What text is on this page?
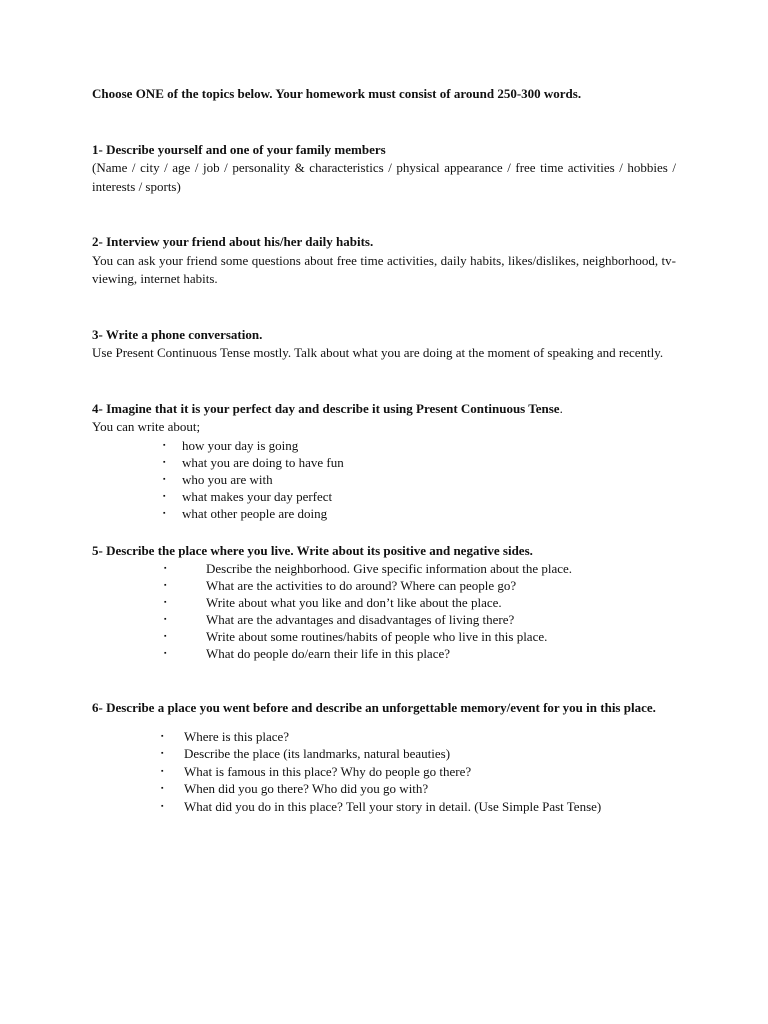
Choose ONE of the topics below. Your homework must consist of around 250-300 words.

1- Describe yourself and one of your family members

(Name / city / age / job / personality & characteristics / physical appearance / free time activities / hobbies / interests / sports)

2- Interview your friend about his/her daily habits.

You can ask your friend some questions about free time activities, daily habits, likes/dislikes, neighborhood, tv-viewing, internet habits.

3- Write a phone conversation.

Use Present Continuous Tense mostly. Talk about what you are doing at the moment of speaking and recently.

4- Imagine that it is your perfect day and describe it using Present Continuous Tense.

You can write about;

▪ how your day is going
▪ what you are doing to have fun
▪ who you are with
▪ what makes your day perfect
▪ what other people are doing

5- Describe the place where you live. Write about its positive and negative sides.

▪	Describe the neighborhood. Give specific information about the place.
▪	What are the activities to do around? Where can people go?
▪	Write about what you like and don’t like about the place.
▪	What are the advantages and disadvantages of living there?
▪	Write about some routines/habits of people who live in this place.
▪	What do people do/earn their life in this place?

6- Describe a place you went before and describe an unforgettable memory/event for you in this place.

▪ Where is this place?
▪ Describe the place (its landmarks, natural beauties)
▪ What is famous in this place? Why do people go there?
▪ When did you go there? Who did you go with?
▪ What did you do in this place? Tell your story in detail. (Use Simple Past Tense)
